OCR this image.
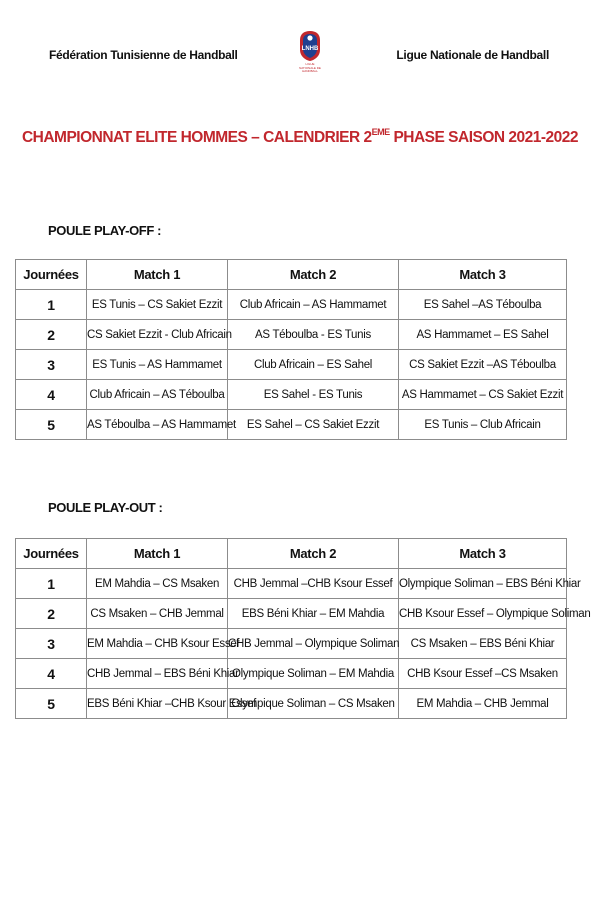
Fédération Tunisienne de Handball	LNHB
LIGUE NATIONALE DE HANDBALL
Ligue Nationale de Handball
CHAMPIONNAT ELITE HOMMES – CALENDRIER 2EME PHASE SAISON 2021-2022
POULE PLAY-OFF :
Journées	Match 1	Match 2	Match 3
1	ES Tunis – CS Sakiet Ezzit	Club Africain – AS Hammamet	ES Sahel –AS Téboulba
2	CS Sakiet Ezzit - Club Africain	AS Téboulba - ES Tunis	AS Hammamet – ES Sahel
3	ES Tunis – AS Hammamet	Club Africain – ES Sahel	CS Sakiet Ezzit –AS Téboulba
4	Club Africain – AS Téboulba	ES Sahel - ES Tunis	AS Hammamet – CS Sakiet Ezzit
5	AS Téboulba – AS Hammamet	ES Sahel – CS Sakiet Ezzit	ES Tunis – Club Africain
POULE PLAY-OUT :
Journées	Match 1	Match 2	Match 3
1	EM Mahdia – CS Msaken	CHB Jemmal –CHB Ksour Essef	Olympique Soliman – EBS Béni Khiar
2	CS Msaken – CHB Jemmal	EBS Béni Khiar – EM Mahdia	CHB Ksour Essef – Olympique Soliman
3	EM Mahdia – CHB Ksour Essef	CHB Jemmal – Olympique Soliman	CS Msaken – EBS Béni Khiar
4	CHB Jemmal – EBS Béni Khiar	Olympique Soliman – EM Mahdia	CHB Ksour Essef –CS Msaken
5	EBS Béni Khiar –CHB Ksour Essef	Olympique Soliman – CS Msaken	EM Mahdia – CHB Jemmal
